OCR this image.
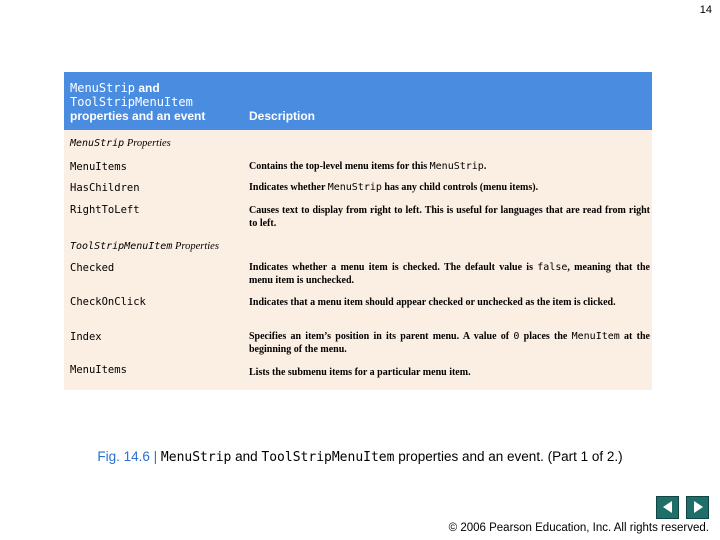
14
MenuStrip and
ToolStripMenuItem
properties and an event	Description
MenuStrip Properties
MenuItems	Contains the top-level menu items for this MenuStrip.
HasChildren	Indicates whether MenuStrip has any child controls (menu items).
RightToLeft	Causes text to display from right to left. This is useful for languages that are read from right to left.
ToolStripMenuItem Properties
Checked	Indicates whether a menu item is checked. The default value is false, meaning that the menu item is unchecked.
CheckOnClick	Indicates that a menu item should appear checked or unchecked as the item is clicked.
Index	Specifies an item’s position in its parent menu. A value of 0 places the MenuItem at the beginning of the menu.
MenuItems	Lists the submenu items for a particular menu item.
Fig. 14.6 | MenuStrip and ToolStripMenuItem properties and an event. (Part 1 of 2.)
© 2006 Pearson Education, Inc. All rights reserved.
